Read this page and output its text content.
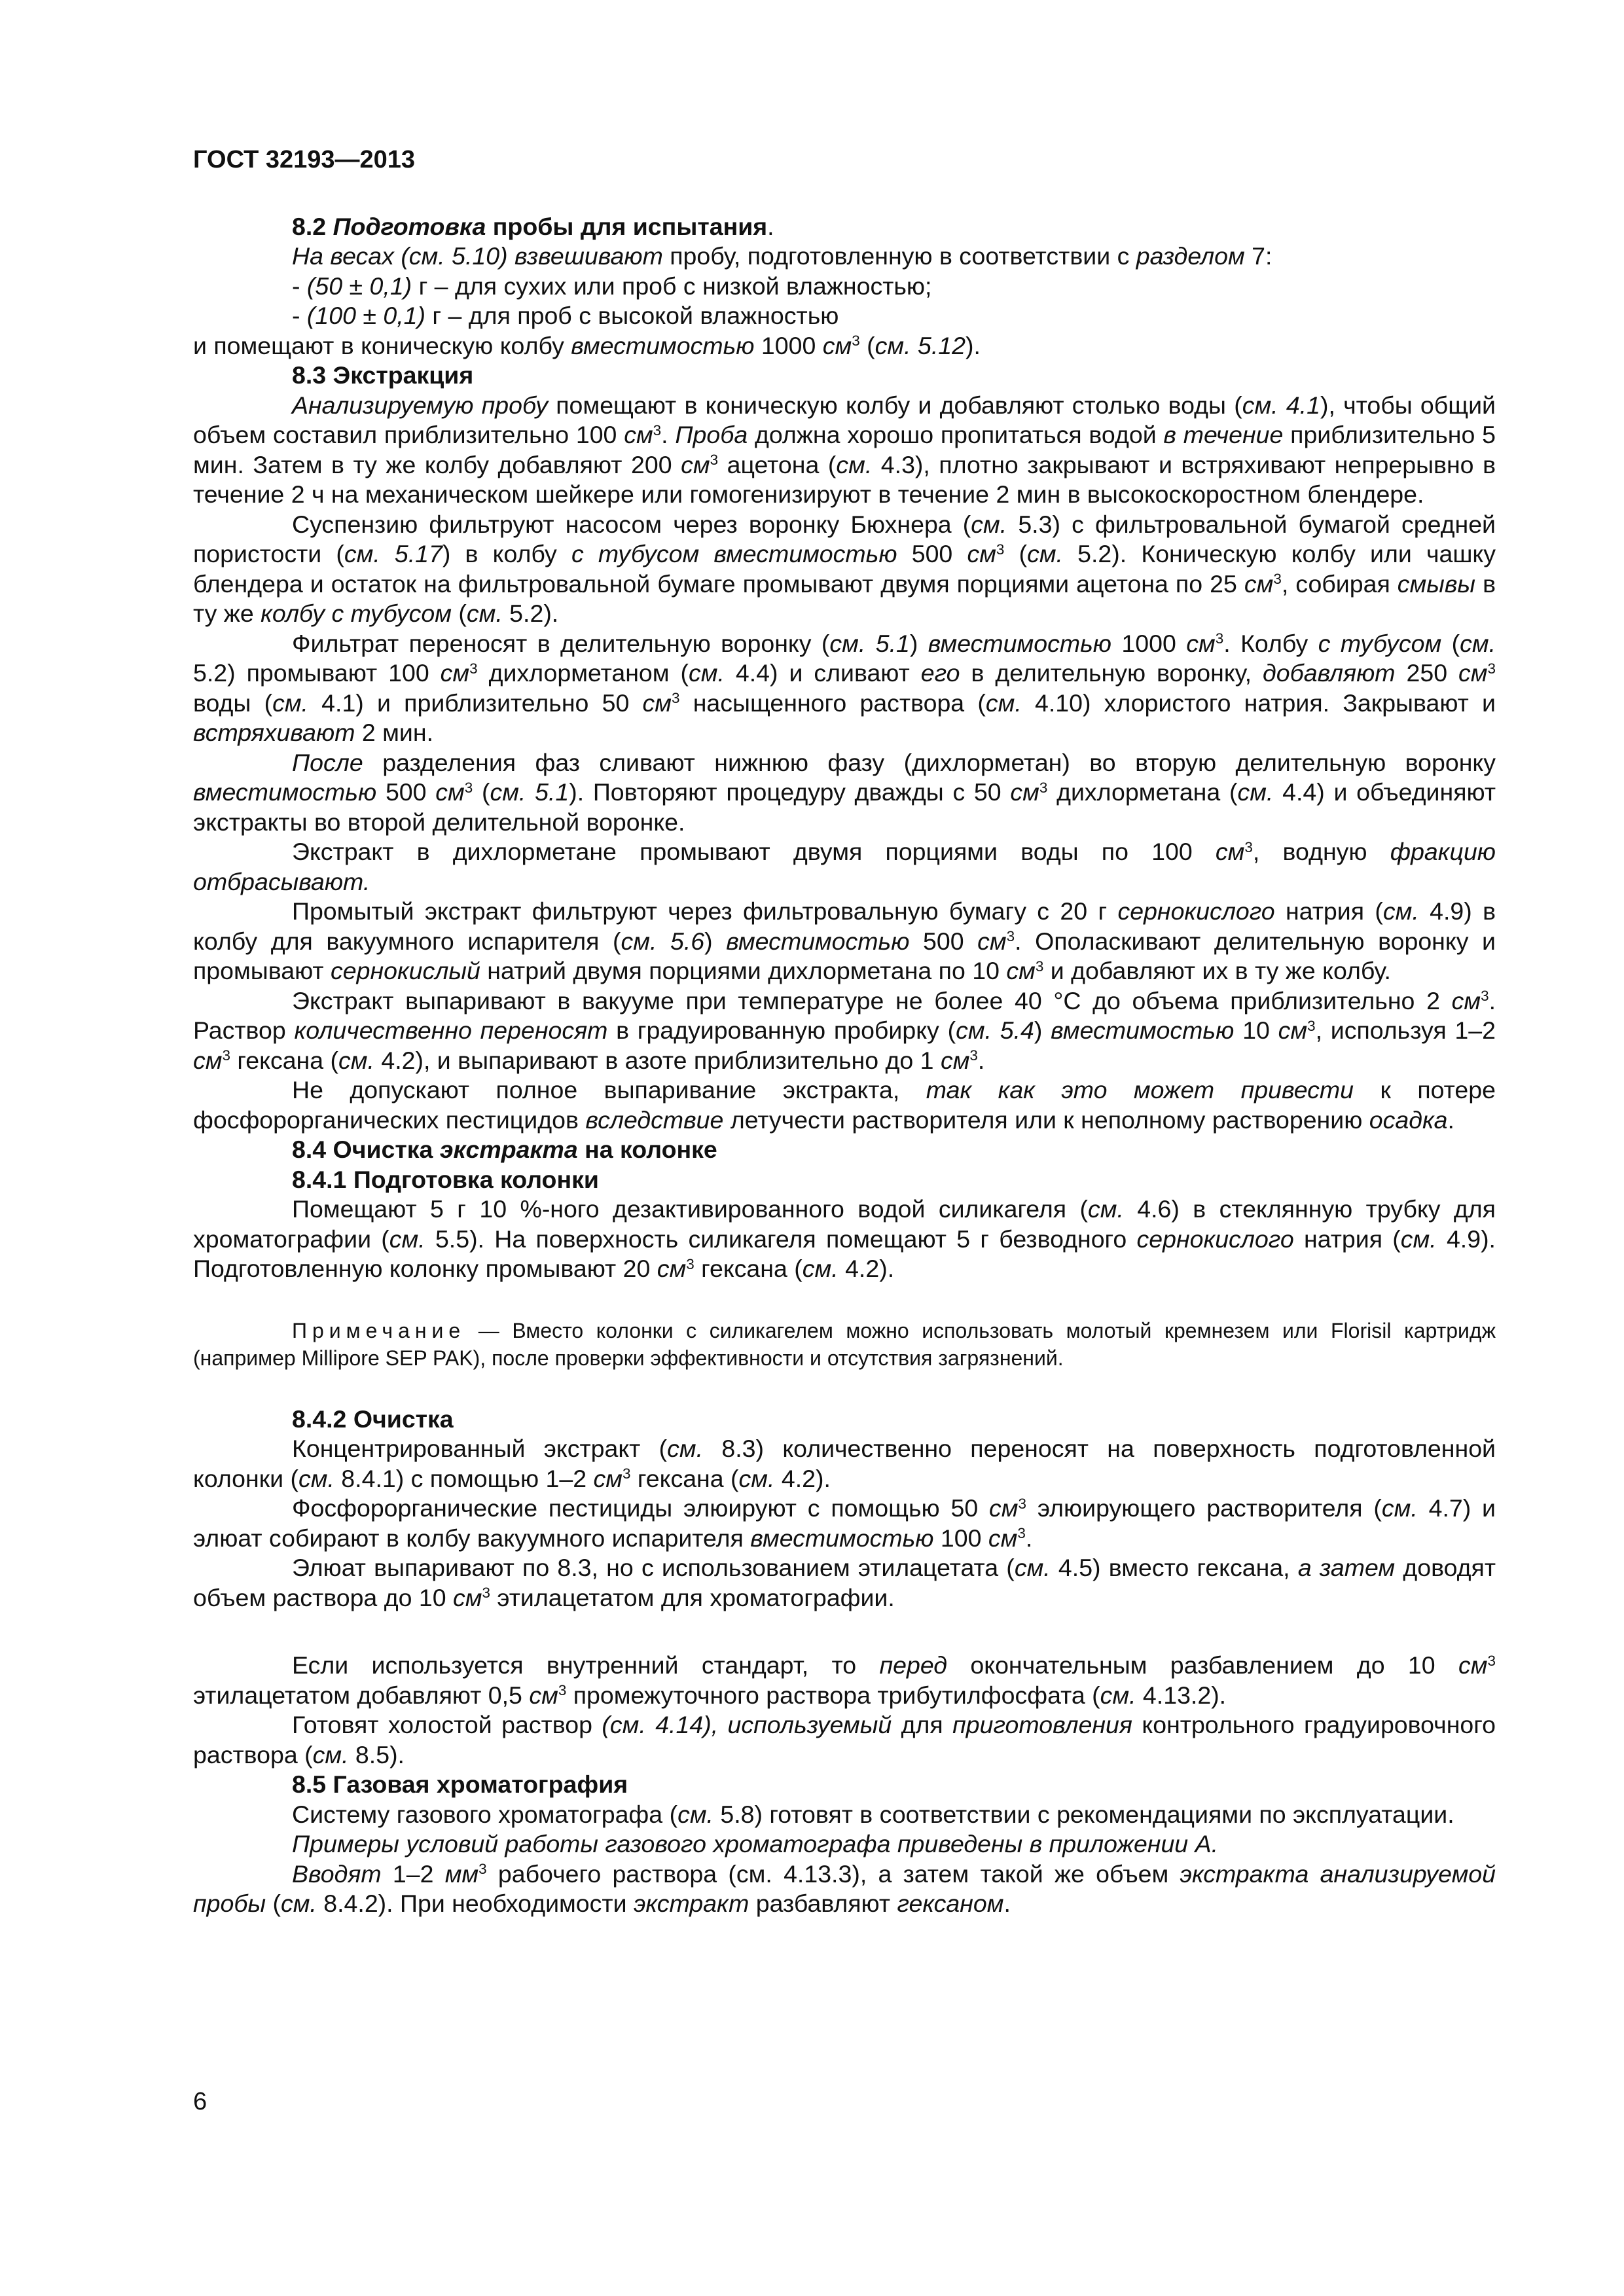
ГОСТ 32193—2013

8.2 Подготовка пробы для испытания.

На весах (см. 5.10) взвешивают пробу, подготовленную в соответствии с разделом 7:

- (50 ± 0,1) г – для сухих или проб с низкой влажностью;

- (100 ± 0,1) г – для проб с высокой влажностью

и помещают в коническую колбу вместимостью 1000 $см^3$ (см. 5.12).

8.3 Экстракция

Анализируемую пробу помещают в коническую колбу и добавляют столько воды (см. 4.1), чтобы общий объем составил приблизительно 100 $см^3$. Проба должна хорошо пропитаться водой в течение приблизительно 5 мин. Затем в ту же колбу добавляют 200 $см^3$ ацетона (см. 4.3), плотно закрывают и встряхивают непрерывно в течение 2 ч на механическом шейкере или гомогенизируют в течение 2 мин в высокоскоростном блендере.

Суспензию фильтруют насосом через воронку Бюхнера (см. 5.3) с фильтровальной бумагой средней пористости (см. 5.17) в колбу с тубусом вместимостью 500 $см^3$ (см. 5.2). Коническую колбу или чашку блендера и остаток на фильтровальной бумаге промывают двумя порциями ацетона по 25 $см^3$, собирая смывы в ту же колбу с тубусом (см. 5.2).

Фильтрат переносят в делительную воронку (см. 5.1) вместимостью 1000 $см^3$. Колбу с тубусом (см. 5.2) промывают 100 $см^3$ дихлорметаном (см. 4.4) и сливают его в делительную воронку, добавляют 250 $см^3$ воды (см. 4.1) и приблизительно 50 $см^3$ насыщенного раствора (см. 4.10) хлористого натрия. Закрывают и встряхивают 2 мин.

После разделения фаз сливают нижнюю фазу (дихлорметан) во вторую делительную воронку вместимостью 500 $см^3$ (см. 5.1). Повторяют процедуру дважды с 50 $см^3$ дихлорметана (см. 4.4) и объединяют экстракты во второй делительной воронке.

Экстракт в дихлорметане промывают двумя порциями воды по 100 $см^3$, водную фракцию отбрасывают.

Промытый экстракт фильтруют через фильтровальную бумагу с 20 г сернокислого натрия (см. 4.9) в колбу для вакуумного испарителя (см. 5.6) вместимостью 500 $см^3$. Ополаскивают делительную воронку и промывают сернокислый натрий двумя порциями дихлорметана по 10 $см^3$ и добавляют их в ту же колбу.

Экстракт выпаривают в вакууме при температуре не более 40 °С до объема приблизительно 2 $см^3$. Раствор количественно переносят в градуированную пробирку (см. 5.4) вместимостью 10 $см^3$, используя 1–2 $см^3$ гексана (см. 4.2), и выпаривают в азоте приблизительно до 1 $см^3$.

Не допускают полное выпаривание экстракта, так как это может привести к потере фосфорорганических пестицидов вследствие летучести растворителя или к неполному растворению осадка.

8.4 Очистка экстракта на колонке

8.4.1 Подготовка колонки

Помещают 5 г 10 %-ного дезактивированного водой силикагеля (см. 4.6) в стеклянную трубку для хроматографии (см. 5.5). На поверхность силикагеля помещают 5 г безводного сернокислого натрия (см. 4.9). Подготовленную колонку промывают 20 $см^3$ гексана (см. 4.2).

Примечание — Вместо колонки с силикагелем можно использовать молотый кремнезем или Florisil картридж (например Millipore SEP PAK), после проверки эффективности и отсутствия загрязнений.

8.4.2 Очистка

Концентрированный экстракт (см. 8.3) количественно переносят на поверхность подготовленной колонки (см. 8.4.1) с помощью 1–2 $см^3$ гексана (см. 4.2).

Фосфорорганические пестициды элюируют с помощью 50 $см^3$ элюирующего растворителя (см. 4.7) и элюат собирают в колбу вакуумного испарителя вместимостью 100 $см^3$.

Элюат выпаривают по 8.3, но с использованием этилацетата (см. 4.5) вместо гексана, а затем доводят объем раствора до 10 $см^3$ этилацетатом для хроматографии.

Если используется внутренний стандарт, то перед окончательным разбавлением до 10 $см^3$ этилацетатом добавляют 0,5 $см^3$ промежуточного раствора трибутилфосфата (см. 4.13.2).

Готовят холостой раствор (см. 4.14), используемый для приготовления контрольного градуировочного раствора (см. 8.5).

8.5 Газовая хроматография

Систему газового хроматографа (см. 5.8) готовят в соответствии с рекомендациями по эксплуатации.

Примеры условий работы газового хроматографа приведены в приложении А.

Вводят 1–2 $мм^3$ рабочего раствора (см. 4.13.3), а затем такой же объем экстракта анализируемой пробы (см. 8.4.2). При необходимости экстракт разбавляют гексаном.

6
